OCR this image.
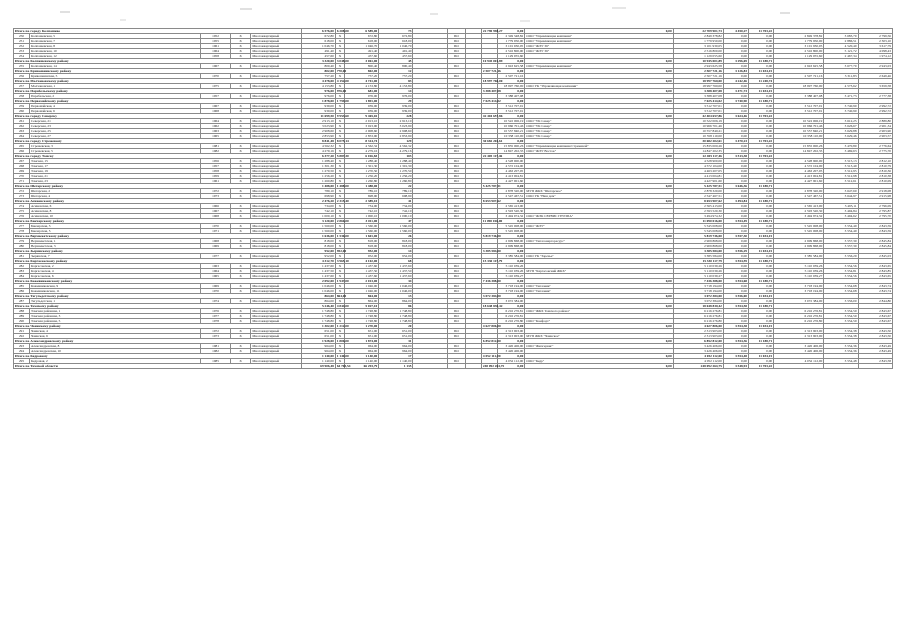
Итого по городу Колпашево					6 576,00	6 208,00	6 589,00	73				22 790 998,27	0,00	0,00	22 709 901,73	4 450,27	11 703,22			
250	Колпашевская, 5	1952	X	Многоквартирный	672,80	X	672,80	672,80		ПО			2 349 348,82	ООО "Управляющая компания"	2 849 378,82	0,00	0,00	2 849 378,82	3 683,70	2 799,56
251	Колпашевская, 7	1955	X	Многоквартирный	618,00	X	618,00	618,00		ПО			1 779 950,00	ООО "Управляющая компания"	1 779 950,00	0,00	0,00	1 779 950,00	2 886,51	2 303,10
252	Колпашевская, 8	1961	X	Многоквартирный	1 046,70	X	1 046,70	1 046,70		ПО			3 101 930,05	ООО "ЖЭУ 36"	3 101 930,05	0,00	0,00	3 101 930,05	4 520,40	3 617,79
253	Колпашевская, 10	1964	X	Многоквартирный	491,40	X	491,40	491,40		ПО			2 516 800,00	ООО "ЖЭУ 36"	2 516 800,00	0,00	0,00	2 516 800,00	5 121,72	4 098,43
254	Колпашевская, 12	1958	X	Многоквартирный	457,60	X	457,60	457,60		ПО			1 129 055,60		1 129 055,60	0,00	0,00	1 129 055,60	2 467,34	1 974,12
Итого по Колпашевскому району					3 320,00	3 048,00	3 061,00	45				10 945 001,89	0,00	0,00	10 945 001,89	3 296,69	11 188,71			
255	Колпашевская, 14	1967	X	Многоквартирный	800,40	X	800,40	800,40		ПО			2 943 625,58	ООО "Управляющая компания"	2 943 625,58	0,00	0,00	2 943 625,58	3 677,70	2 943,03
Итого по Кривошеинскому району					802,00	770,00	802,00	12				2 507 721,16	0,00	0,00	2 507 721,16	3 126,83	11 034,15			
256	Кривошеинская, 5	1970	X	Многоквартирный	757,20	X	757,20	757,20		ПО			2 507 721,16		2 507 721,16	0,00	0,00	2 507 721,16	3 311,83	2 649,46
Итого по Молчановскому району					4 478,00	4 152,00	4 741,00	83				18 997 760,00	0,00	0,00	18 997 760,00	4 242,46	11 248,74			
257	Молчановская, 1	1975	X	Многоквартирный	4 153,80	X	4 153,80	4 153,80		ПО			18 997 760,00	ООО УК "Управляющая компания"	18 997 760,00	0,00	0,00	18 997 760,00	4 573,62	3 659,58
Итого по Парабельскому району					976,00	976,00	681,00	14				3 388 407,08	0,00	0,00	3 388 407,08	3 471,73	11 034,15			
258	Парабельская, 2	1957	X	Многоквартирный	976,00	X	976,00	976,00		ПО			3 388 407,08		3 388 407,08	0,00	0,00	3 388 407,08	3 471,73	2 777,38
Итого по Первомайскому району					1 878,00	1 759,00	1 891,00	29				7 025 414,02	0,00	0,00	7 025 414,02	3 740,90	11 188,71			
259	Первомайская, 4	1967	X	Многоквартирный	939,00	X	939,00	939,00		ПО			3 512 707,01		3 512 707,01	0,00	0,00	3 512 707,01	3 740,90	2 992,72
260	Первомайская, 6	1968	X	Многоквартирный	939,00	X	939,00	939,00		ПО			3 512 707,01		3 512 707,01	0,00	0,00	3 512 707,01	3 740,90	2 992,72
Итого по городу Северску					11 699,50	9 953,60	9 465,02	228				42 404 657,86	0,00	0,00	42 404 657,86	3 624,46	11 703,22			
261	Северская, 21	1964	X	Многоквартирный	2 913,10	X	2 913,10	2 913,10		ПО			10 522 006,19	ООО "УК Север"	10 522 006,19	0,00	0,00	10 522 006,19	3 612,25	2 889,80
262	Северская, 23	1962	X	Многоквартирный	3 023,90	X	3 023,90	3 023,90		ПО			10 966 701,46	ООО "УК Север"	10 966 701,46	0,00	0,00	10 966 701,46	3 626,67	2 901,34
263	Северская, 25	1963	X	Многоквартирный	2 908,60	X	2 908,60	2 908,60		ПО			10 557 840,21	ООО "УК Север"	10 557 840,21	0,00	0,00	10 557 840,21	3 629,88	2 903,90
264	Северская, 27	1965	X	Многоквартирный	2 853,90	X	2 853,90	2 853,90		ПО			10 358 110,00	ООО "УК Север"	10 358 110,00	0,00	0,00	10 358 110,00	3 629,46	2 903,57
Итого по городу Стрежевому					8 841,48	8 075,14	8 314,74	129				30 682 202,61	0,00	0,00	30 682 202,61	3 470,23	11 703,22			
265	Стрежевская, 3	1981	X	Многоквартирный	4 562,32	X	4 562,32	4 562,32		ПО			15 835 000,26	ООО "Управляющая компания Стрежевой"	15 835 000,26	0,00	0,00	15 835 000,26	3 470,80	2 776,64
266	Стрежевская, 5	1982	X	Многоквартирный	4 279,16	X	4 279,16	4 279,16		ПО			14 847 202,35	ООО "ЖЭУ Восток"	14 847 202,35	0,00	0,00	14 847 202,35	3 469,63	2 775,70
Итого по городу Томску					6 377,20	5 887,30	6 016,83	103				22 405 117,46	0,00	0,00	22 405 117,46	3 513,38	11 703,22			
267	Томская, 15	1956	X	Многоквартирный	1 288,40	X	1 288,40	1 288,40		ПО			4 528 900,00		4 528 900,00	0,00	0,00	4 528 900,00	3 515,13	2 812,10
268	Томская, 17	1957	X	Многоквартирный	1 301,30	X	1 301,30	1 301,30		ПО			4 572 104,00		4 572 104,00	0,00	0,00	4 572 104,00	3 513,49	2 810,79
269	Томская, 19	1958	X	Многоквартирный	1 270,50	X	1 270,50	1 270,50		ПО			4 463 207,05		4 463 207,05	0,00	0,00	4 463 207,05	3 512,95	2 810,36
270	Томская, 21	1959	X	Многоквартирный	1 256,20	X	1 256,20	1 256,20		ПО			4 413 004,81		4 413 004,81	0,00	0,00	4 413 004,81	3 512,98	2 810,38
271	Томская, 23	1961	X	Многоквартирный	1 260,80	X	1 260,80	1 260,80		ПО			4 427 901,60		4 427 901,60	0,00	0,00	4 427 901,60	3 512,61	2 810,09
Итого по Шегарскому району					1 488,00	1 488,00	1 488,00	22				5 425 787,51	0,00	0,00	5 425 787,51	3 646,36	11 188,71			
272	Шегарская, 2	1972	X	Многоквартирный	789,10	X	789,10	789,10		ПО			2 878 320,00	МУП ЖКХ "Шегарское"	2 878 320,00	0,00	0,00	2 878 320,00	3 647,60	2 918,08
273	Шегарская, 4	1973	X	Многоквартирный	698,90	X	698,90	698,90		ПО			2 547 467,51	ООО УК "Наш дом"	2 547 467,51	0,00	0,00	2 547 467,51	3 644,97	2 915,98
Итого по Асиновскому району					2 476,20	2 315,40	2 389,10	41				8 653 907,62	0,00	0,00	8 653 907,62	3 494,84	11 188,71			
274	Асиновская, 6	1966	X	Многоквартирный	734,00	X	734,00	734,00		ПО			2 565 413,00		2 565 413,00	0,00	0,00	2 565 413,00	3 495,11	2 796,09
275	Асиновская, 8	1967	X	Многоквартирный	742,10	X	742,10	742,10		ПО			2 593 520,30		2 593 520,30	0,00	0,00	2 593 520,30	3 494,84	2 795,87
276	Асиновская, 10	1968	X	Многоквартирный	1 000,10	X	1 000,10	1 000,10		ПО			3 494 974,32	ООО "ЖЭК СЕРВИС ГРУППА"	3 494 974,32	0,00	0,00	3 494 974,32	3 494,62	2 795,70
Итого по Бакчарскому району					3 120,00	2 866,00	3 011,00	47				11 090 016,00	0,00	0,00	11 090 016,00	3 554,49	11 188,71			
277	Бакчарская, 3	1970	X	Многоквартирный	1 560,00	X	1 560,00	1 560,00		ПО			5 545 008,00	ООО "ЖЭУ"	5 545 008,00	0,00	0,00	5 545 008,00	3 554,49	2 843,59
278	Бакчарская, 5	1971	X	Многоквартирный	1 560,00	X	1 560,00	1 560,00		ПО			5 545 008,00		5 545 008,00	0,00	0,00	5 545 008,00	3 554,49	2 843,59
Итого по Верхнекетскому району					1 636,00	1 536,00	1 601,00	26				5 819 736,00	0,00	0,00	5 819 736,00	3 557,30	11 034,15			
279	Верхнекетская, 1	1968	X	Многоквартирный	818,00	X	818,00	818,00		ПО			2 909 868,00	ООО "Теплоэнергоресурс"	2 909 868,00	0,00	0,00	2 909 868,00	3 557,30	2 845,84
280	Верхнекетская, 3	1969	X	Многоквартирный	818,00	X	818,00	818,00		ПО			2 909 868,00		2 909 868,00	0,00	0,00	2 909 868,00	3 557,30	2 845,84
Итого по Зырянскому району					952,00	952,00	952,00	14				3 385 584,00	0,00	0,00	3 385 584,00	3 556,29	11 034,15			
281	Зырянская, 7	1977	X	Многоквартирный	952,00	X	952,00	952,00		ПО			3 385 584,00	ООО УК "Заречье"	3 385 584,00	0,00	0,00	3 385 584,00	3 556,29	2 845,03
Итого по Каргасокскому району					4 312,70	3 965,10	4 102,00	68				15 330 117,79	0,00	0,00	15 330 117,79	3 554,59	11 188,71			
282	Каргасокская, 2	1963	X	Многоквартирный	1 437,60	X	1 437,60	1 437,60		ПО			5 110 039,26		5 110 039,26	0,00	0,00	5 110 039,26	3 554,56	2 843,65
283	Каргасокская, 4	1964	X	Многоквартирный	1 437,50	X	1 437,50	1 437,50		ПО			5 110 039,26	МУП "Каргасокский ЖКХ"	5 110 039,26	0,00	0,00	5 110 039,26	3 554,81	2 843,85
284	Каргасокская, 6	1965	X	Многоквартирный	1 437,60	X	1 437,60	1 437,60		ПО			5 110 039,27		5 110 039,27	0,00	0,00	5 110 039,27	3 554,56	2 843,65
Итого по Кожевниковскому району					2 092,00	1 947,00	2 013,00	34				7 436 388,00	0,00	0,00	7 436 388,00	3 554,68	11 188,71			
285	Кожевниковская, 9	1969	X	Многоквартирный	1 046,00	X	1 046,00	1 046,00		ПО			3 718 194,00	ООО "Тепловик"	3 718 194,00	0,00	0,00	3 718 194,00	3 554,68	2 843,74
286	Кожевниковская, 11	1970	X	Многоквартирный	1 046,00	X	1 046,00	1 046,00		ПО			3 718 194,00	ООО "Тепловик"	3 718 194,00	0,00	0,00	3 718 194,00	3 554,68	2 843,74
Итого по Тегульдетскому району					864,00	864,00	864,00	13				3 072 384,00	0,00	0,00	3 072 384,00	3 556,00	11 034,15			
287	Тегульдетская, 1	1974	X	Многоквартирный	864,00	X	864,00	864,00		ПО			3 072 384,00		3 072 384,00	0,00	0,00	3 072 384,00	3 556,00	2 844,80
Итого по Томскому району					5 246,40	4 844,00	5 027,10	86				18 648 830,42	0,00	0,00	18 648 830,42	3 554,58	11 188,71			
288	Томская районная, 1	1976	X	Многоквартирный	1 748,80	X	1 748,80	1 748,80		ПО			6 216 276,81	ООО "ЖКХ Томского района"	6 216 276,81	0,00	0,00	6 216 276,81	3 554,59	2 843,67
289	Томская районная, 3	1977	X	Многоквартирный	1 748,80	X	1 748,80	1 748,80		ПО			6 216 276,81		6 216 276,81	0,00	0,00	6 216 276,81	3 554,59	2 843,67
290	Томская районная, 5	1978	X	Многоквартирный	1 748,80	X	1 748,80	1 748,80		ПО			6 216 276,80	ООО "Комфорт"	6 216 276,80	0,00	0,00	6 216 276,80	3 554,59	2 843,67
Итого по Чаинскому району					1 302,00	1 212,00	1 270,00	20				4 627 806,00	0,00	0,00	4 627 806,00	3 554,38	11 034,15			
291	Чаинская, 4	1972	X	Многоквартирный	651,00	X	651,00	651,00		ПО			2 313 903,00		2 313 903,00	0,00	0,00	2 313 903,00	3 554,38	2 843,50
292	Чаинская, 6	1973	X	Многоквартирный	651,00	X	651,00	651,00		ПО			2 313 903,00	МУП ЖКХ "Чаинское"	2 313 903,00	0,00	0,00	2 313 903,00	3 554,38	2 843,50
Итого по Александровскому району					1 928,00	1 806,00	1 874,00	31				6 852 812,00	0,00	0,00	6 852 812,00	3 554,36	11 188,71			
293	Александровская, 8	1981	X	Многоквартирный	964,00	X	964,00	964,00		ПО			3 426 406,00	ООО "Жилсервис"	3 426 406,00	0,00	0,00	3 426 406,00	3 554,36	2 843,49
294	Александровская, 10	1982	X	Многоквартирный	964,00	X	964,00	964,00		ПО			3 426 406,00		3 426 406,00	0,00	0,00	3 426 406,00	3 554,36	2 843,49
Итого по Кедровому					1 140,00	1 140,00	1 140,00	17				4 052 112,00	0,00	0,00	4 052 112,00	3 554,48	11 034,15			
295	Кедровая, 2	1985	X	Многоквартирный	1 140,00	X	1 140,00	1 140,00		ПО			4 052 112,00	ООО "Кедр"	4 052 112,00	0,00	0,00	4 052 112,00	3 554,48	2 843,58
Итого по Томской области					69 906,48	64 765,54	66 293,79	1 135				248 092 264,75	0,00	0,00	248 092 264,75	3 548,93	11 703,22			
